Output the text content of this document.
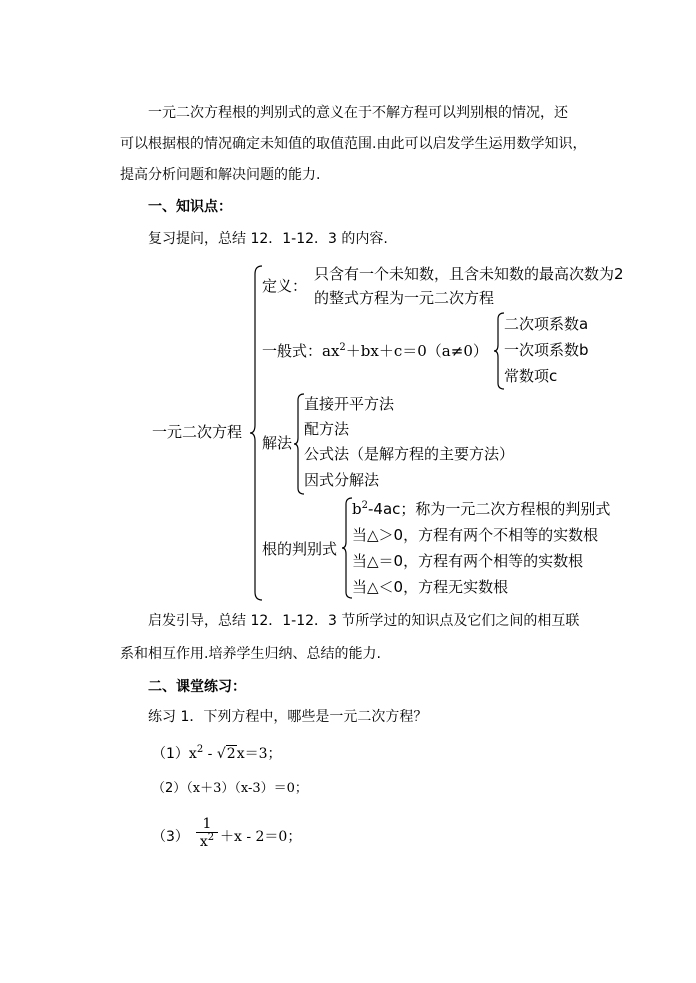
一元二次方程根的判别式的意义在于不解方程可以判别根的情况，还
可以根据根的情况确定未知值的取值范围.由此可以启发学生运用数学知识，
提高分析问题和解决问题的能力.
一、知识点：
复习提问，总结 12．1-12．3 的内容.
一元二次方程
定义：
只含有一个未知数，且含未知数的最高次数为2
的整式方程为一元二次方程
一般式：$ax^2+bx+c=0(a\ne 0)$
二次项系数a
一次项系数b
常数项c
解法
直接开平方法
配方法
公式法（是解方程的主要方法）
因式分解法
根的判别式
$b^2-4ac$；称为一元二次方程根的判别式
当△＞0，方程有两个不相等的实数根
当△＝0，方程有两个相等的实数根
当△＜0，方程无实数根
启发引导，总结 12．1-12．3 节所学过的知识点及它们之间的相互联
系和相互作用.培养学生归纳、总结的能力.
二、课堂练习：
练习 1．下列方程中，哪些是一元二次方程？
$(1)x^2 - √2x=3$；
（2）（x＋3）（x-3）＝0；
（3）
1
$x^2 +x - 2=0$；
